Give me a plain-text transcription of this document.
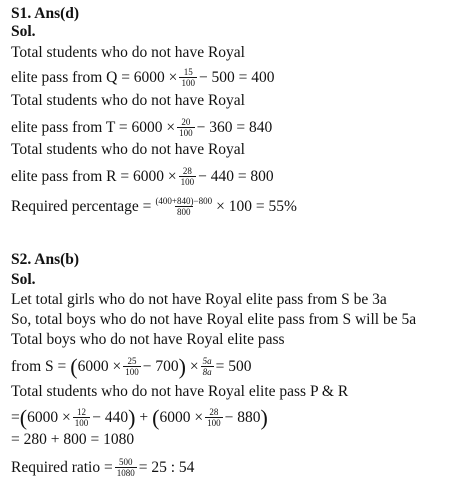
S1. Ans(d)
Sol.
Total students who do not have Royal
elite pass from $Q = 6000 \times \frac{15}{100} - 500 = 400$
Total students who do not have Royal
elite pass from $T = 6000 \times \frac{20}{100} - 360 = 840$
Total students who do not have Royal
elite pass from $R = 6000 \times \frac{28}{100} - 440 = 800$
Required percentage = $\frac{(400+840)-800}{800} \times 100 = 55\%$
S2. Ans(b)
Sol.
Let total girls who do not have Royal elite pass from S be 3a
So, total boys who do not have Royal elite pass from S will be 5a
Total boys who do not have Royal elite pass
from S = ( $6000 \times \frac{25}{100} - 700$ ) × $\frac{5a}{8a} = 500$
Total students who do not have Royal elite pass P & R
= ( $6000 \times \frac{12}{100} - 440$ ) + ( $6000 \times \frac{28}{100} - 880$ )
= 280 + 800 = 1080
Required ratio = $\frac{500}{1080} = 25$ : 54
